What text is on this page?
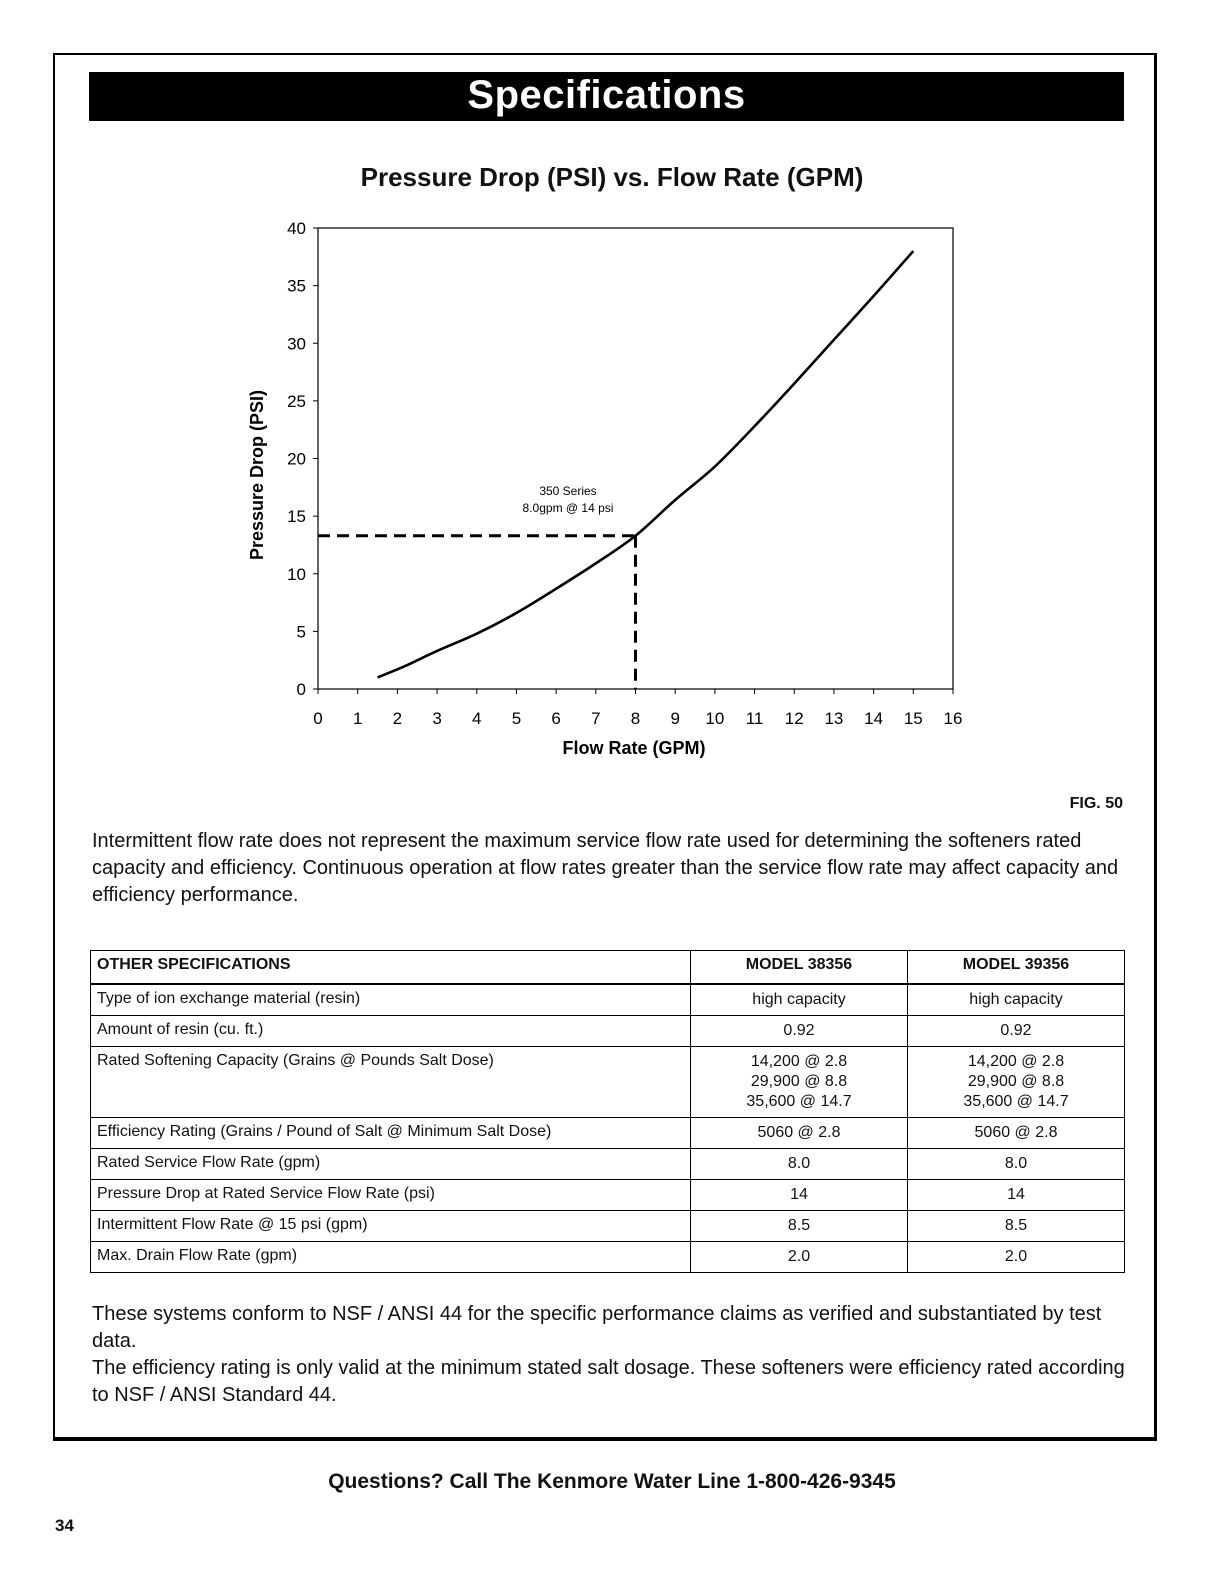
Specifications
Pressure Drop (PSI) vs. Flow Rate (GPM)
0
5
10
15
20
25
30
35
40
0 1 2 3 4 5 6 7 8 9 10 11 12 13 14 15 16
350 Series
8.0gpm @ 14 psi
Flow Rate (GPM)
Pressure Drop (PSI)
FIG. 50
Intermittent flow rate does not represent the maximum service flow rate used for determining the softeners rated capacity and efficiency. Continuous operation at flow rates greater than the service flow rate may affect capacity and efficiency performance.
OTHER SPECIFICATIONS	MODEL 38356	MODEL 39356
Type of ion exchange material (resin)	high capacity	high capacity

Amount of resin (cu. ft.)	0.92	0.92

Rated Softening Capacity (Grains @ Pounds Salt Dose)	14,200 @ 2.8
29,900 @ 8.8
35,600 @ 14.7	14,200 @ 2.8
29,900 @ 8.8
35,600 @ 14.7

Efficiency Rating (Grains / Pound of Salt @ Minimum Salt Dose)	5060 @ 2.8	5060 @ 2.8

Rated Service Flow Rate (gpm)	8.0	8.0

Pressure Drop at Rated Service Flow Rate (psi)	14	14

Intermittent Flow Rate @ 15 psi (gpm)	8.5	8.5

Max. Drain Flow Rate (gpm)	2.0	2.0
These systems conform to NSF / ANSI 44 for the specific performance claims as verified and substantiated by test data.
The efficiency rating is only valid at the minimum stated salt dosage. These softeners were efficiency rated according to NSF / ANSI Standard 44.
Questions? Call The Kenmore Water Line 1-800-426-9345
34
